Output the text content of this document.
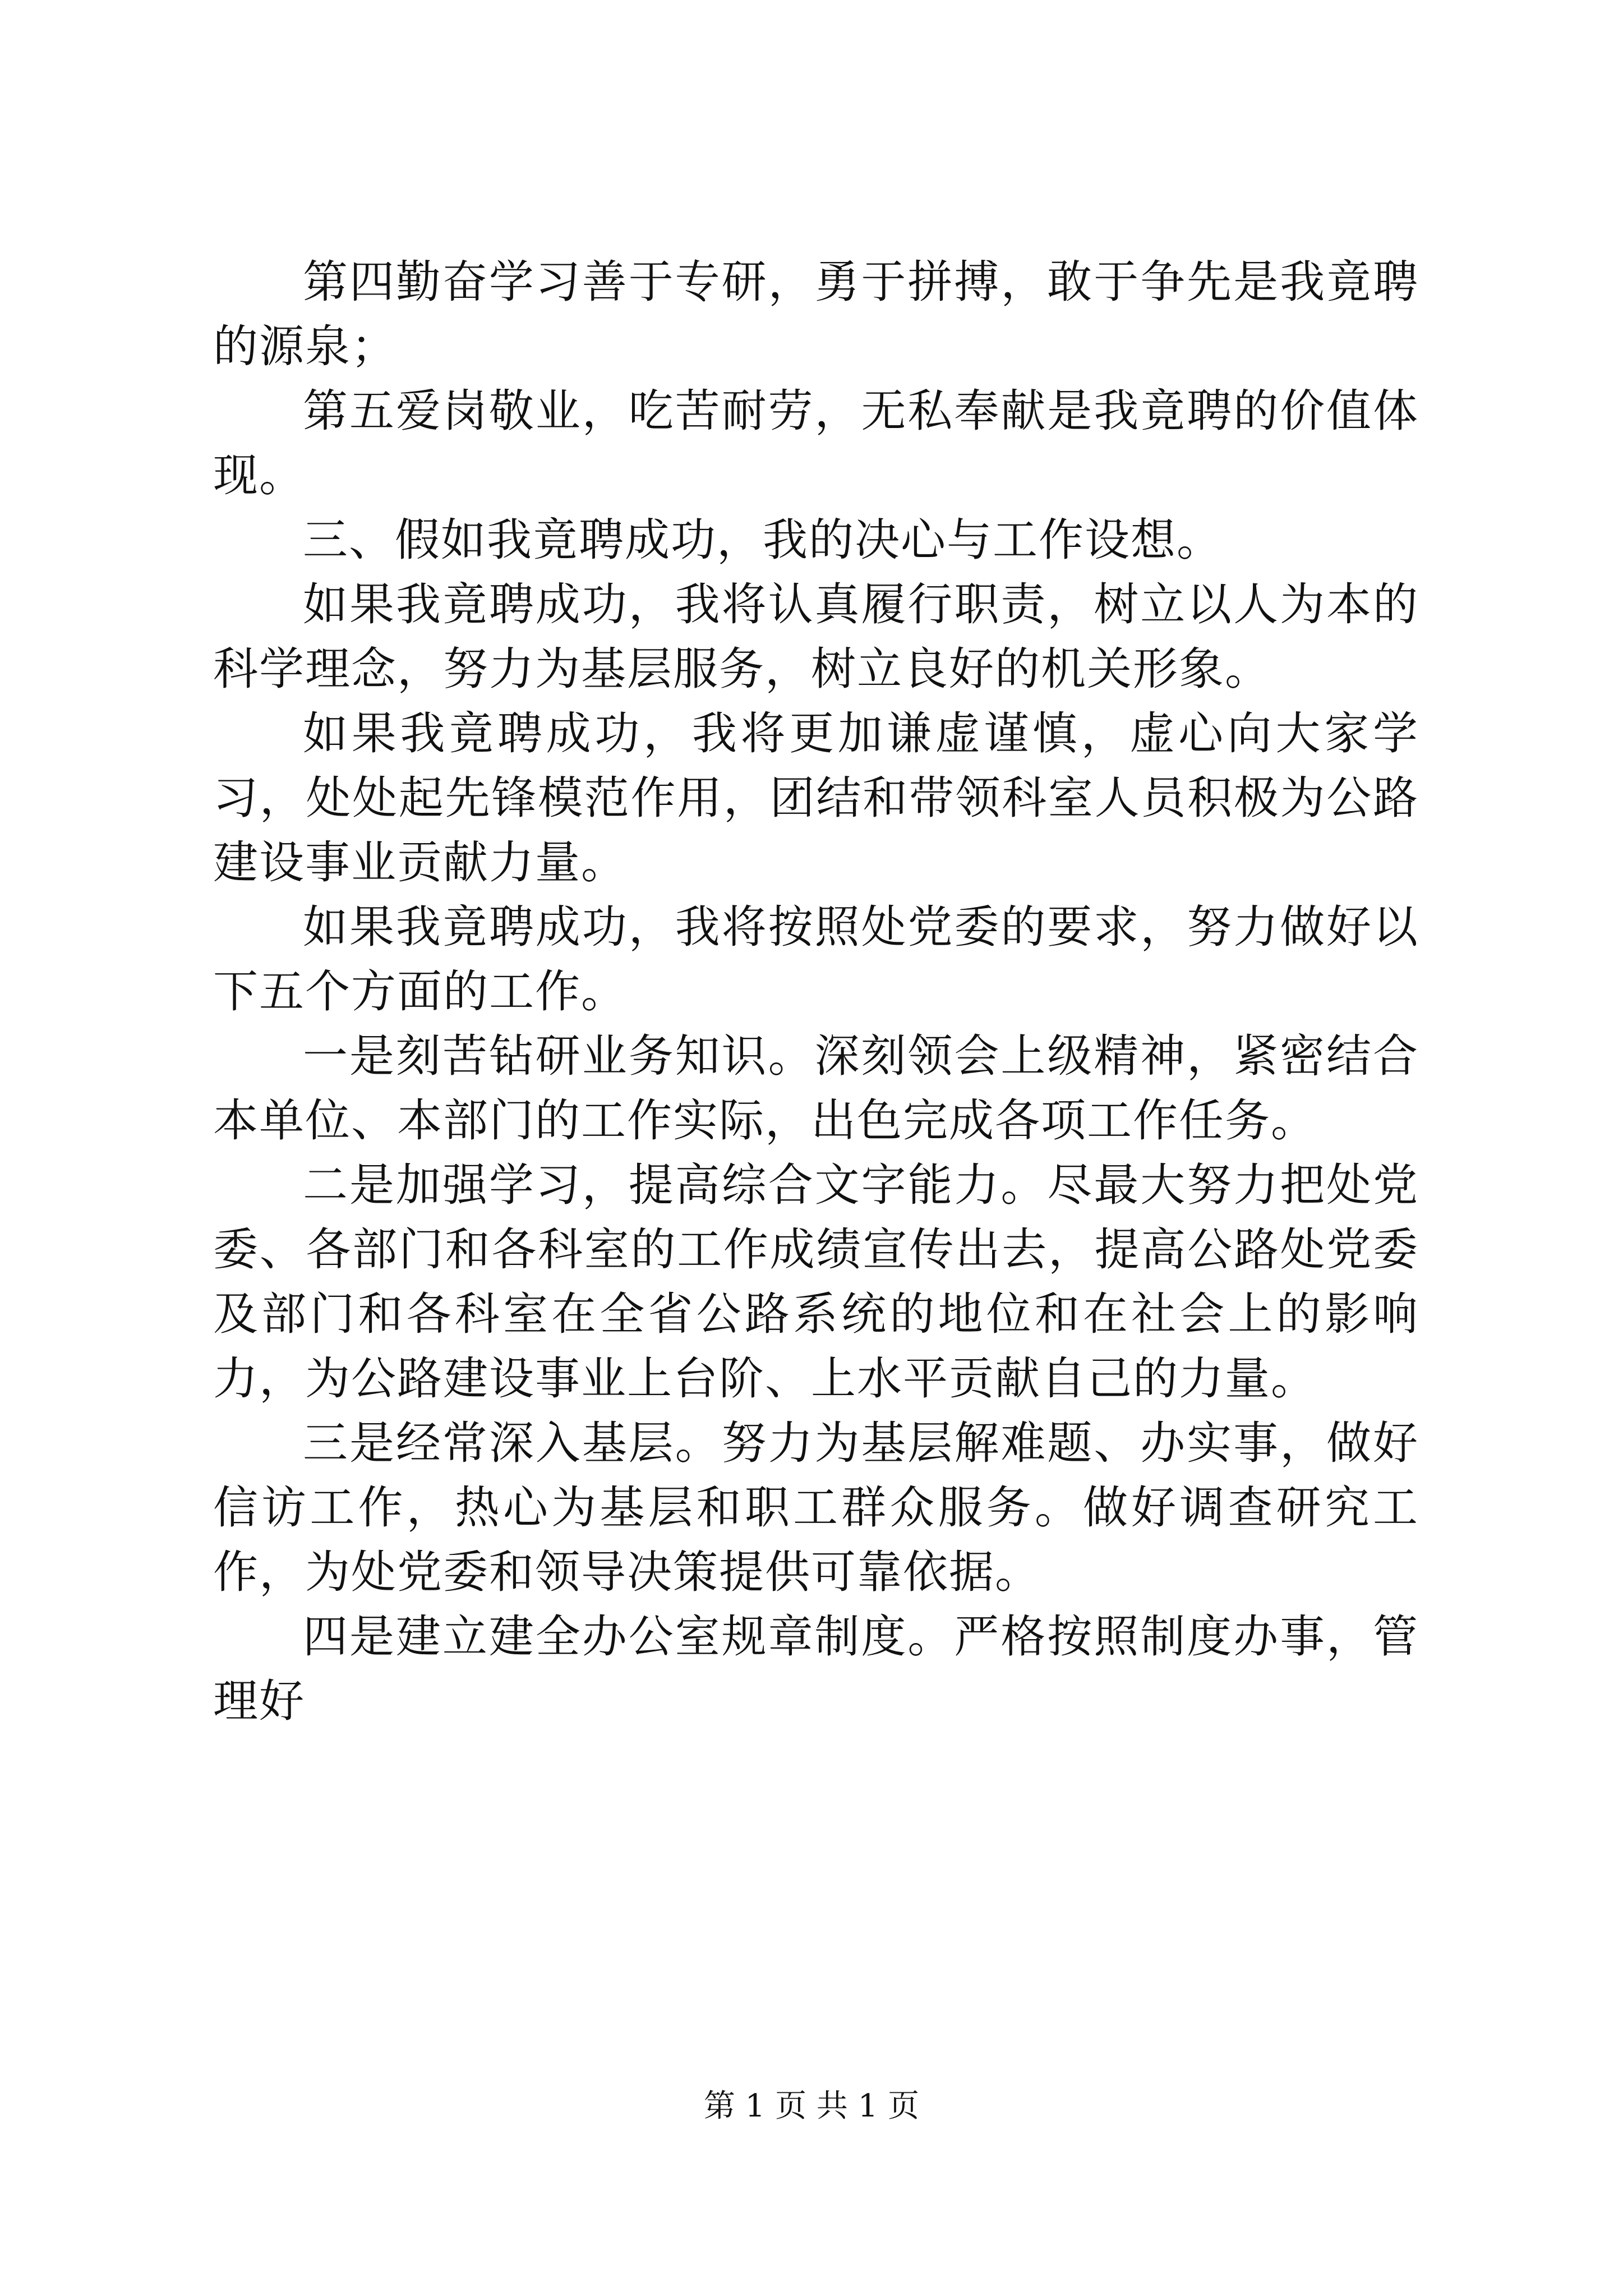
第四勤奋学习善于专研，勇于拼搏，敢于争先是我竟聘的源泉；

第五爱岗敬业，吃苦耐劳，无私奉献是我竟聘的价值体现。

三、假如我竟聘成功，我的决心与工作设想。

如果我竟聘成功，我将认真履行职责，树立以人为本的科学理念，努力为基层服务，树立良好的机关形象。

如果我竟聘成功，我将更加谦虚谨慎，虚心向大家学习，处处起先锋模范作用，团结和带领科室人员积极为公路建设事业贡献力量。

如果我竟聘成功，我将按照处党委的要求，努力做好以下五个方面的工作。

一是刻苦钻研业务知识。深刻领会上级精神，紧密结合本单位、本部门的工作实际，出色完成各项工作任务。

二是加强学习，提高综合文字能力。尽最大努力把处党委、各部门和各科室的工作成绩宣传出去，提高公路处党委及部门和各科室在全省公路系统的地位和在社会上的影响力，为公路建设事业上台阶、上水平贡献自己的力量。

三是经常深入基层。努力为基层解难题、办实事，做好信访工作，热心为基层和职工群众服务。做好调查研究工作，为处党委和领导决策提供可靠依据。

四是建立建全办公室规章制度。严格按照制度办事，管理好

第 1 页 共 1 页
